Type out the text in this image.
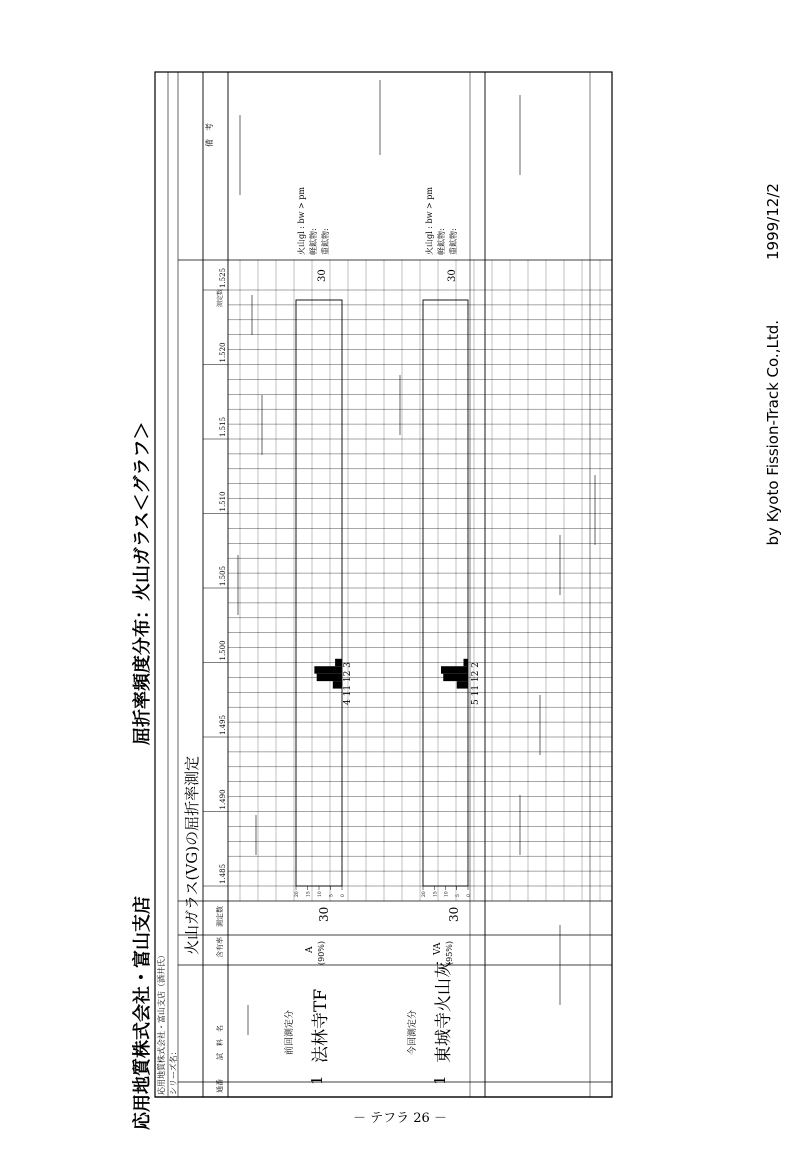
1999/12/2
by Kyoto Fission-Track Co.,Ltd.
応用地質株式会社・富山支店
屈折率頻度分布：火山ガラス＜グラフ＞
応用地質株式会社・富山支店（酒井氏） シリーズ名：
火山ガラス(VG)の屈折率測定
通番
試　料　名
含有率
測定数
測定数
備　考
1.525
1.520
1.515
1.510
1.505
1.500
1.495
1.490
1.485
前回測定分
1
法林寺TF
A (90%)
30
4 11 12 3
30
火山gl : bw > pm 軽鉱物: 重鉱物:
今回測定分
1
東城寺火山灰
VA (95%)
30
5 11 12 2
30
火山gl : bw > pm 軽鉱物: 重鉱物:
0
5
10
15
20	0
5
10
15
20
－ テフラ 26 －
